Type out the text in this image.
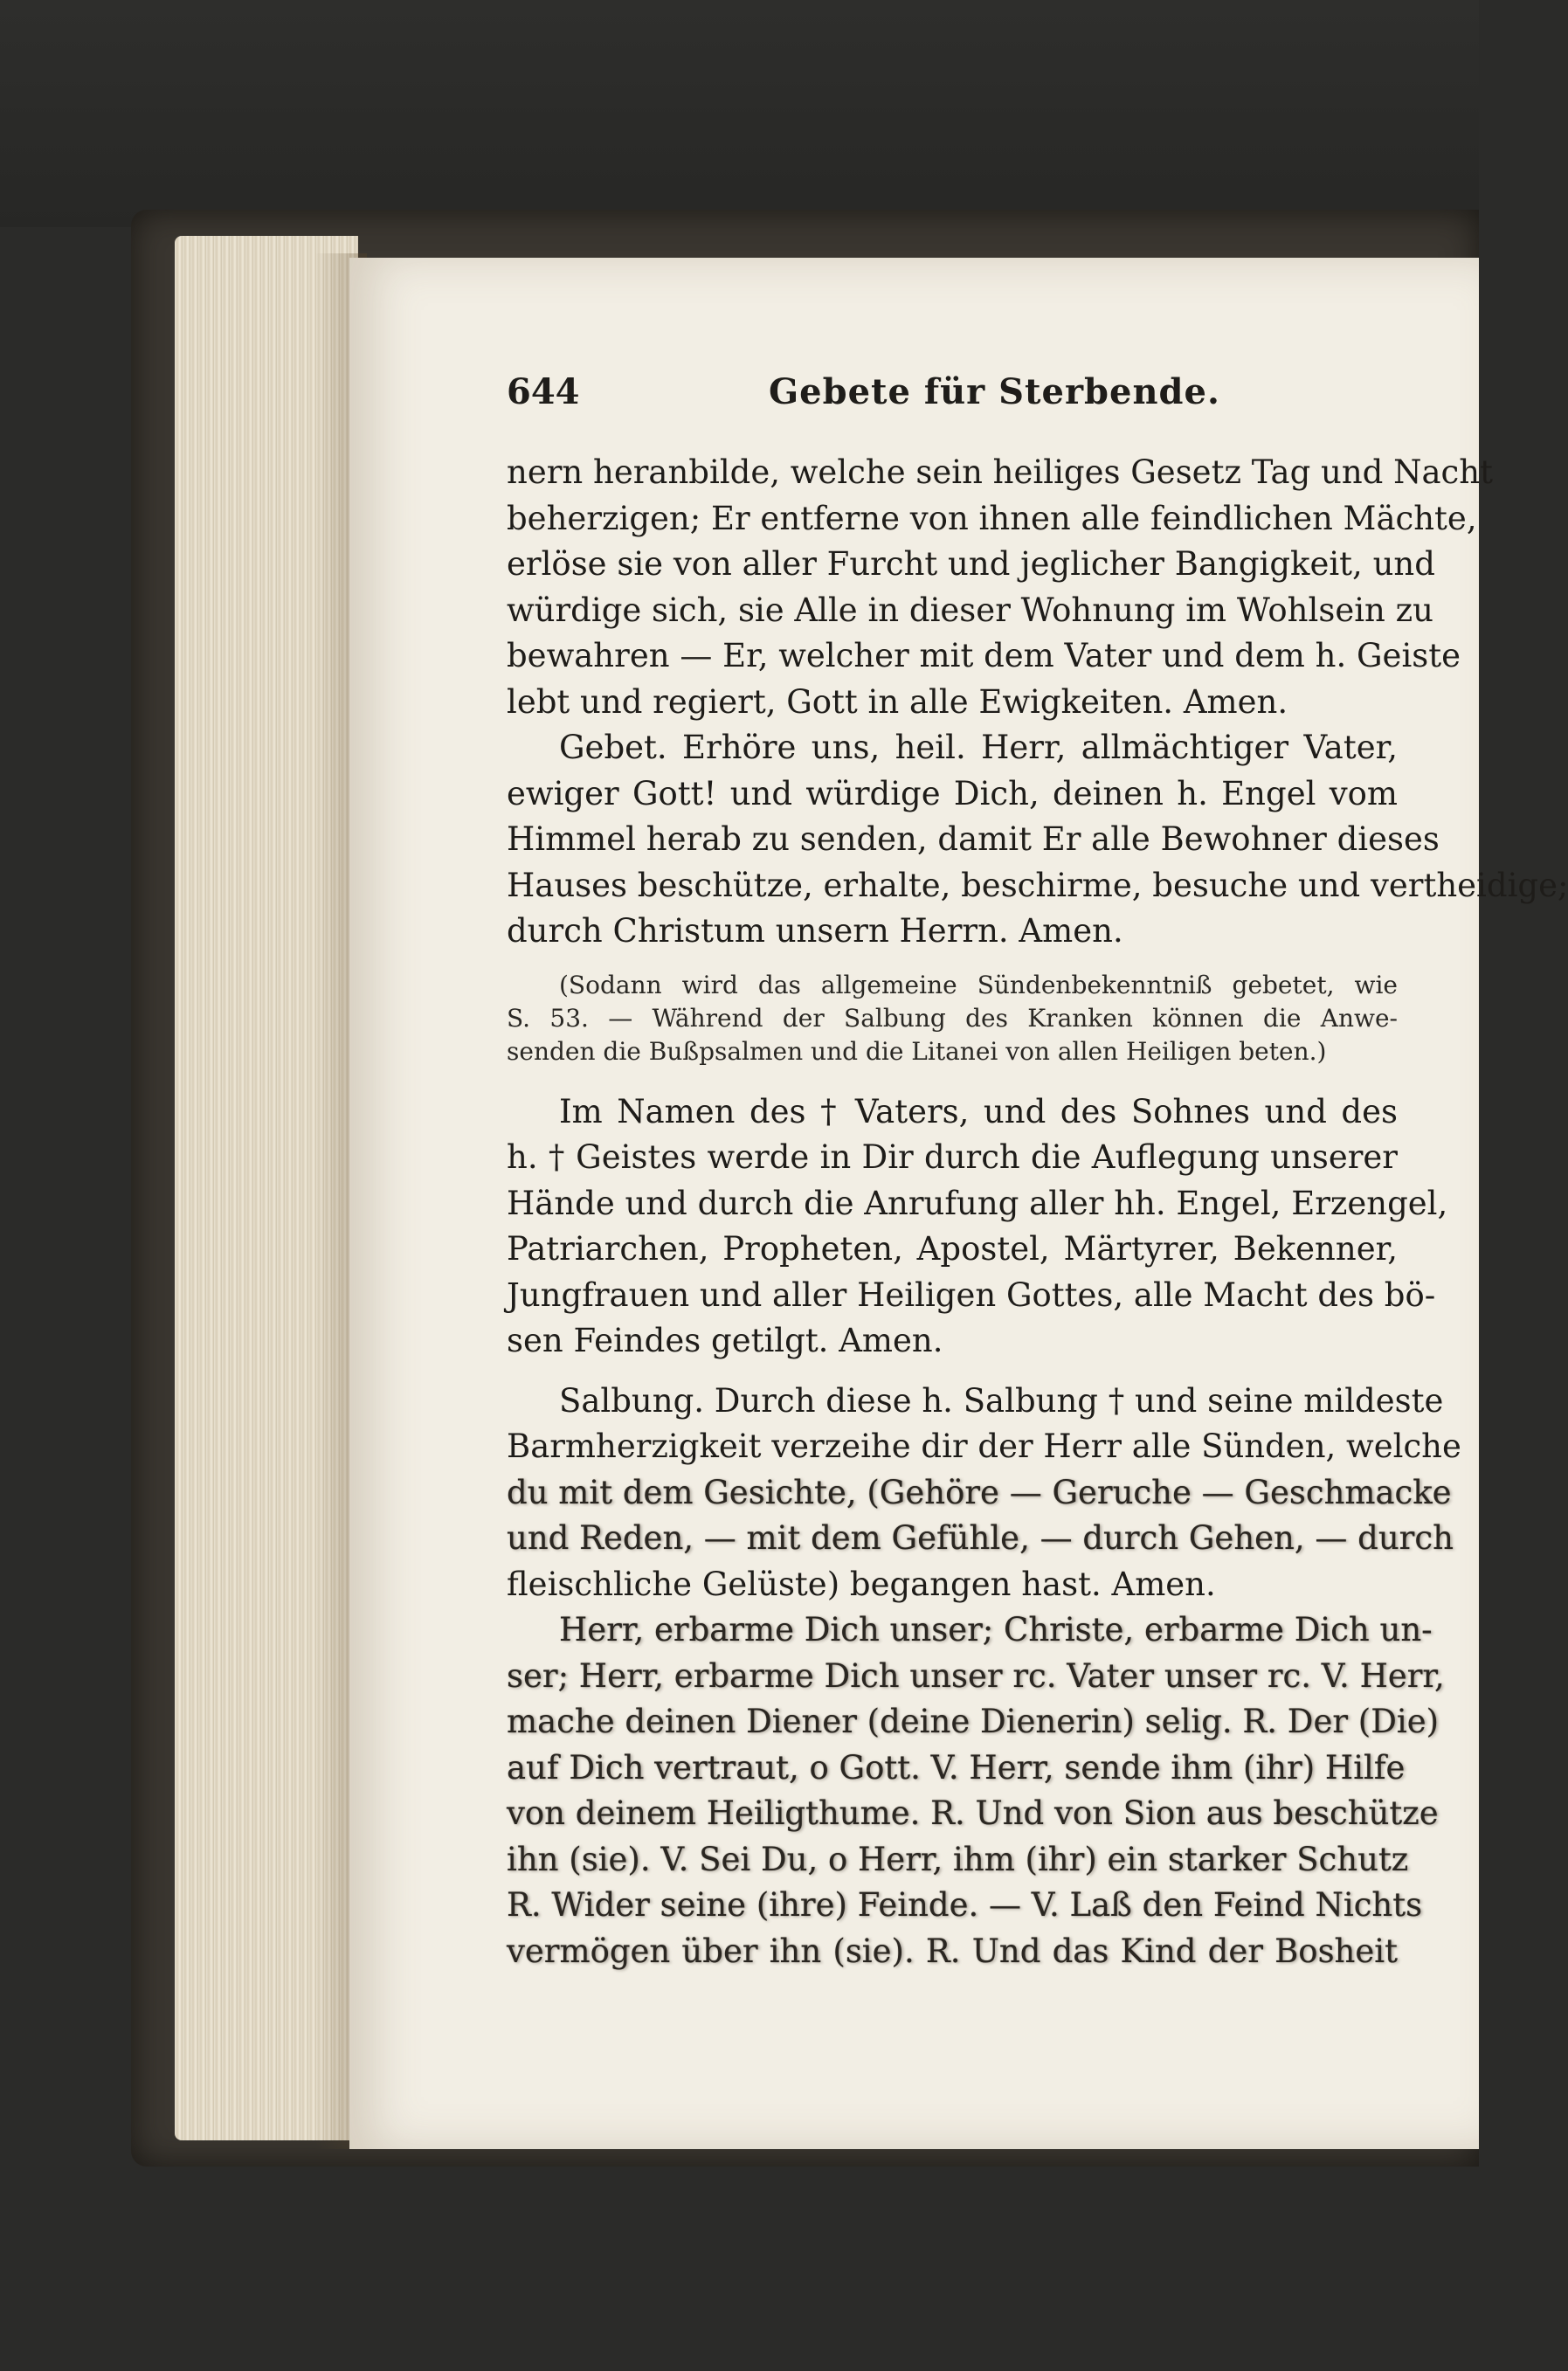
644	Gebete für Sterbende.
nern heranbilde, welche sein heiliges Gesetz Tag und Nacht
beherzigen; Er entferne von ihnen alle feindlichen Mächte,
erlöse sie von aller Furcht und jeglicher Bangigkeit, und
würdige sich, sie Alle in dieser Wohnung im Wohlsein zu
bewahren — Er, welcher mit dem Vater und dem h. Geiste
lebt und regiert, Gott in alle Ewigkeiten. Amen.
Gebet. Erhöre uns, heil. Herr, allmächtiger Vater,
ewiger Gott! und würdige Dich, deinen h. Engel vom
Himmel herab zu senden, damit Er alle Bewohner dieses
Hauses beschütze, erhalte, beschirme, besuche und vertheidige;
durch Christum unsern Herrn. Amen.
(Sodann wird das allgemeine Sündenbekenntniß gebetet, wie
S. 53. — Während der Salbung des Kranken können die Anwe-
senden die Bußpsalmen und die Litanei von allen Heiligen beten.)
Im Namen des † Vaters, und des Sohnes und des
h. † Geistes werde in Dir durch die Auflegung unserer
Hände und durch die Anrufung aller hh. Engel, Erzengel,
Patriarchen, Propheten, Apostel, Märtyrer, Bekenner,
Jungfrauen und aller Heiligen Gottes, alle Macht des bö-
sen Feindes getilgt. Amen.
Salbung. Durch diese h. Salbung † und seine mildeste
Barmherzigkeit verzeihe dir der Herr alle Sünden, welche
du mit dem Gesichte, (Gehöre — Geruche — Geschmacke
und Reden, — mit dem Gefühle, — durch Gehen, — durch
fleischliche Gelüste) begangen hast. Amen.
Herr, erbarme Dich unser; Christe, erbarme Dich un-
ser; Herr, erbarme Dich unser rc. Vater unser rc. V. Herr,
mache deinen Diener (deine Dienerin) selig. R. Der (Die)
auf Dich vertraut, o Gott. V. Herr, sende ihm (ihr) Hilfe
von deinem Heiligthume. R. Und von Sion aus beschütze
ihn (sie). V. Sei Du, o Herr, ihm (ihr) ein starker Schutz
R. Wider seine (ihre) Feinde. — V. Laß den Feind Nichts
vermögen über ihn (sie). R. Und das Kind der Bosheit
